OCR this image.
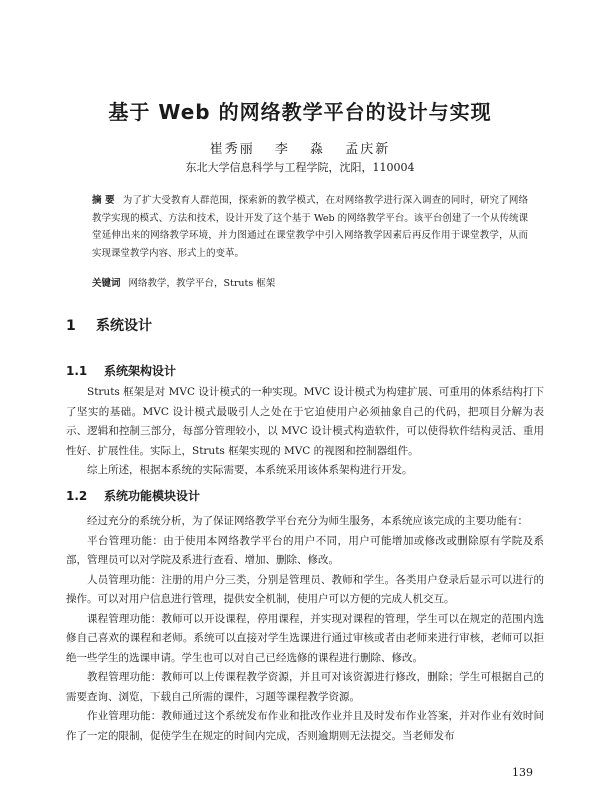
基于 Web 的网络教学平台的设计与实现
崔秀丽 李 淼 孟庆新
东北大学信息科学与工程学院，沈阳，110004
摘 要 为了扩大受教育人群范围，探索新的教学模式，在对网络教学进行深入调查的同时，研究了网络教学实现的模式、方法和技术，设计开发了这个基于 Web 的网络教学平台。该平台创建了一个从传统课堂延伸出来的网络教学环境，并力图通过在课堂教学中引入网络教学因素后再反作用于课堂教学，从而实现课堂教学内容、形式上的变革。
关键词 网络教学，教学平台，Struts 框架
1 系统设计
1.1 系统架构设计

Struts 框架是对 MVC 设计模式的一种实现。MVC 设计模式为构建扩展、可重用的体系结构打下了坚实的基础。MVC 设计模式最吸引人之处在于它迫使用户必须抽象自己的代码，把项目分解为表示、逻辑和控制三部分，每部分管理较小，以 MVC 设计模式构造软件，可以使得软件结构灵活、重用性好、扩展性佳。实际上，Struts 框架实现的 MVC 的视图和控制器组件。

综上所述，根据本系统的实际需要，本系统采用该体系架构进行开发。

1.2 系统功能模块设计

经过充分的系统分析，为了保证网络教学平台充分为师生服务，本系统应该完成的主要功能有：

平台管理功能：由于使用本网络教学平台的用户不同，用户可能增加或修改或删除原有学院及系部，管理员可以对学院及系进行查看、增加、删除、修改。

人员管理功能：注册的用户分三类，分别是管理员、教师和学生。各类用户登录后显示可以进行的操作。可以对用户信息进行管理，提供安全机制，使用户可以方便的完成人机交互。

课程管理功能：教师可以开设课程，停用课程，并实现对课程的管理，学生可以在规定的范围内选修自己喜欢的课程和老师。系统可以直接对学生选课进行通过审核或者由老师来进行审核，老师可以拒绝一些学生的选课申请。学生也可以对自己已经选修的课程进行删除、修改。

教程管理功能：教师可以上传课程教学资源，并且可对该资源进行修改，删除；学生可根据自己的需要查询、浏览，下载自己所需的课件，习题等课程教学资源。

作业管理功能：教师通过这个系统发布作业和批改作业并且及时发布作业答案，并对作业有效时间作了一定的限制，促使学生在规定的时间内完成，否则逾期则无法提交。当老师发布

139
